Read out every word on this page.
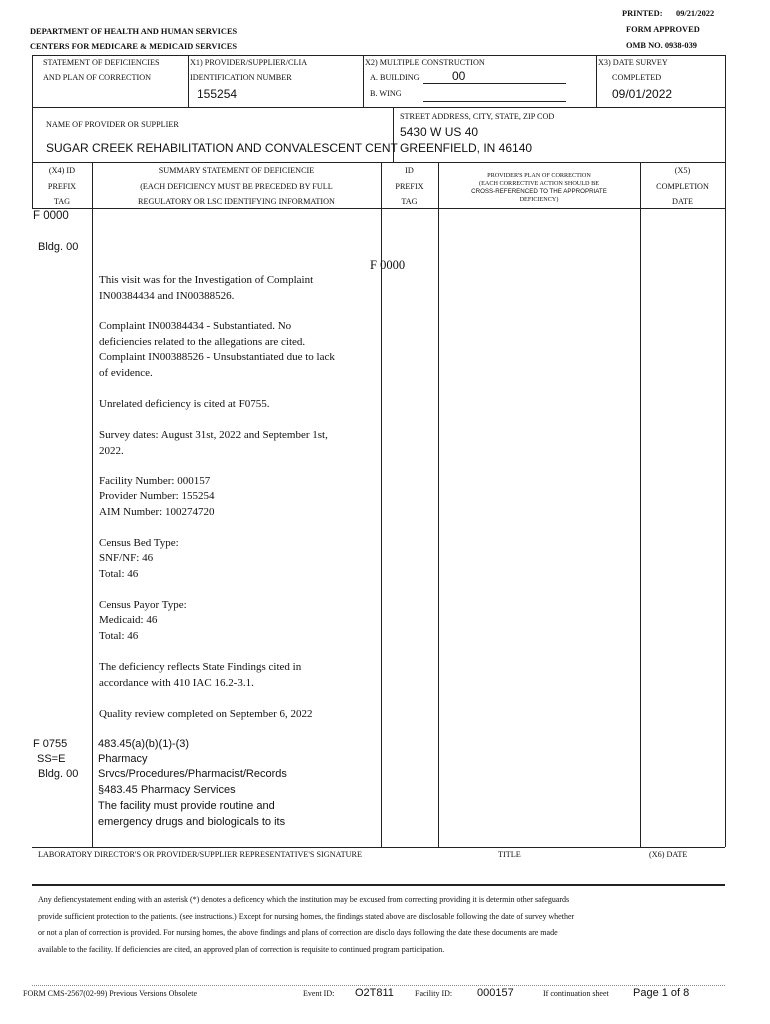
PRINTED: 09/21/2022
FORM APPROVED
OMB NO. 0938-039
DEPARTMENT OF HEALTH AND HUMAN SERVICES
CENTERS FOR MEDICARE & MEDICAID SERVICES
STATEMENT OF DEFICIENCIES
AND PLAN OF CORRECTION
X1) PROVIDER/SUPPLIER/CLIA
IDENTIFICATION NUMBER
155254
X2) MULTIPLE CONSTRUCTION
A. BUILDING	00
B. WING
X3) DATE SURVEY
COMPLETED
09/01/2022
NAME OF PROVIDER OR SUPPLIER
SUGAR CREEK REHABILITATION AND CONVALESCENT CENT
STREET ADDRESS, CITY, STATE, ZIP COD
5430 W US 40
GREENFIELD, IN 46140
(X4) ID
PREFIX
TAG
SUMMARY STATEMENT OF DEFICIENCIE
(EACH DEFICIENCY MUST BE PRECEDED BY FULL
REGULATORY OR LSC IDENTIFYING INFORMATION
ID
PREFIX
TAG
PROVIDER'S PLAN OF CORRECTION
(EACH CORRECTIVE ACTION SHOULD BE
CROSS-REFERENCED TO THE APPROPRIATE
DEFICIENCY)
(X5)
COMPLETION
DATE
F 0000
Bldg. 00
F 0000
This visit was for the Investigation of Complaint IN00384434 and IN00388526.
Complaint IN00384434 - Substantiated. No deficiencies related to the allegations are cited. Complaint IN00388526 - Unsubstantiated due to lack of evidence.
Unrelated deficiency is cited at F0755.
Survey dates: August 31st, 2022 and September 1st, 2022.
Facility Number: 000157
Provider Number: 155254
AIM Number: 100274720
Census Bed Type:
SNF/NF: 46
Total: 46
Census Payor Type:
Medicaid: 46
Total: 46
The deficiency reflects State Findings cited in accordance with 410 IAC 16.2-3.1.
Quality review completed on September 6, 2022
F 0755
SS=E
Bldg. 00
483.45(a)(b)(1)-(3)
Pharmacy
Srvcs/Procedures/Pharmacist/Records
§483.45 Pharmacy Services
The facility must provide routine and
emergency drugs and biologicals to its
LABORATORY DIRECTOR'S OR PROVIDER/SUPPLIER REPRESENTATIVE'S SIGNATURE	TITLE	(X6) DATE
Any defiencystatement ending with an asterisk (*) denotes a deficency which the institution may be excused from correcting providing it is determin other safeguards provide sufficient protection to the patients. (see instructions.) Except for nursing homes, the findings stated above are disclosable following the date of survey whether or not a plan of correction is provided. For nursing homes, the above findings and plans of correction are disclo days following the date these documents are made available to the facility. If deficiencies are cited, an approved plan of correction is requisite to continued program participation.
FORM CMS-2567(02-99) Previous Versions Obsolete	Event ID: O2T811	Facility ID: 000157	If continuation sheet Page 1 of 8
